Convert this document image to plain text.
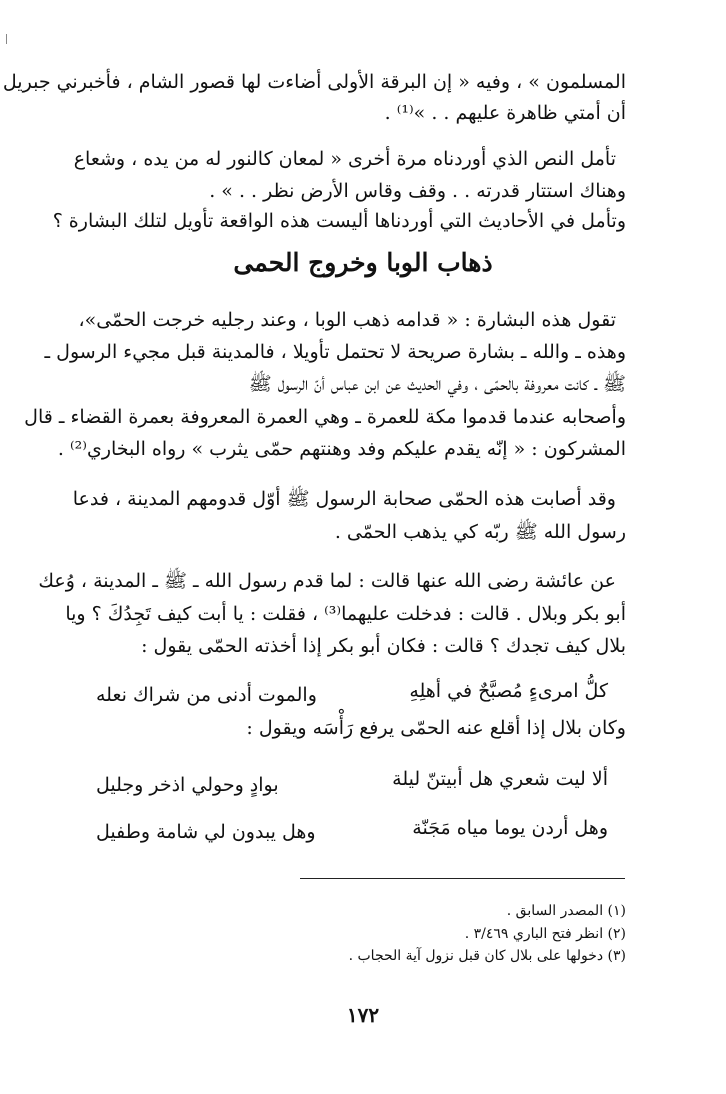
المسلمون » ، وفيه « إن البرقة الأولى أضاءت لها قصور الشام ، فأخبرني جبريل
أن أمتي ظاهرة عليهم . . »⁽¹⁾ .
تأمل النص الذي أوردناه مرة أخرى « لمعان كالنور له من يده ، وشعاع
وهناك استتار قدرته . . وقف وقاس الأرض نظر . . » .
وتأمل في الأحاديث التي أوردناها أليست هذه الواقعة تأويل لتلك البشارة ؟
ذهاب الوبا وخروج الحمى
تقول هذه البشارة : « قدامه ذهب الوبا ، وعند رجليه خرجت الحمّى»،
وهذه ـ والله ـ بشارة صريحة لا تحتمل تأويلا ، فالمدينة قبل مجيء الرسول ـ
ﷺ ـ كانت معروفة بالحمّى ، وفي الحديث عن ابن عباس أنّ الرسول ﷺ
وأصحابه عندما قدموا مكة للعمرة ـ وهي العمرة المعروفة بعمرة القضاء ـ قال
المشركون : « إنّه يقدم عليكم وفد وهنتهم حمّى يثرب » رواه البخاري⁽²⁾ .
وقد أصابت هذه الحمّى صحابة الرسول ﷺ أوّل قدومهم المدينة ، فدعا
رسول الله ﷺ ربّه كي يذهب الحمّى .
عن عائشة رضى الله عنها قالت : لما قدم رسول الله ـ ﷺ ـ المدينة ، وُعك
أبو بكر وبلال . قالت : فدخلت عليهما⁽³⁾ ، فقلت : يا أبت كيف تَجِدُكَ ؟ ويا
بلال كيف تجدك ؟ قالت : فكان أبو بكر إذا أخذته الحمّى يقول :
كلُّ امرىءٍ مُصبَّحٌ في أهلِهِ
والموت أدنى من شراك نعله
وكان بلال إذا أقلع عنه الحمّى يرفع رَأْسَه ويقول :
ألا ليت شعري هل أبيتنّ ليلة
بوادٍ وحولي اذخر وجليل
وهل أردن يوما مياه مَجَنّة
وهل يبدون لي شامة وطفيل
(١) المصدر السابق .
(٢) انظر فتح الباري ٣/٤٦٩ .
(٣) دخولها على بلال كان قبل نزول آية الحجاب .
١٧٢
